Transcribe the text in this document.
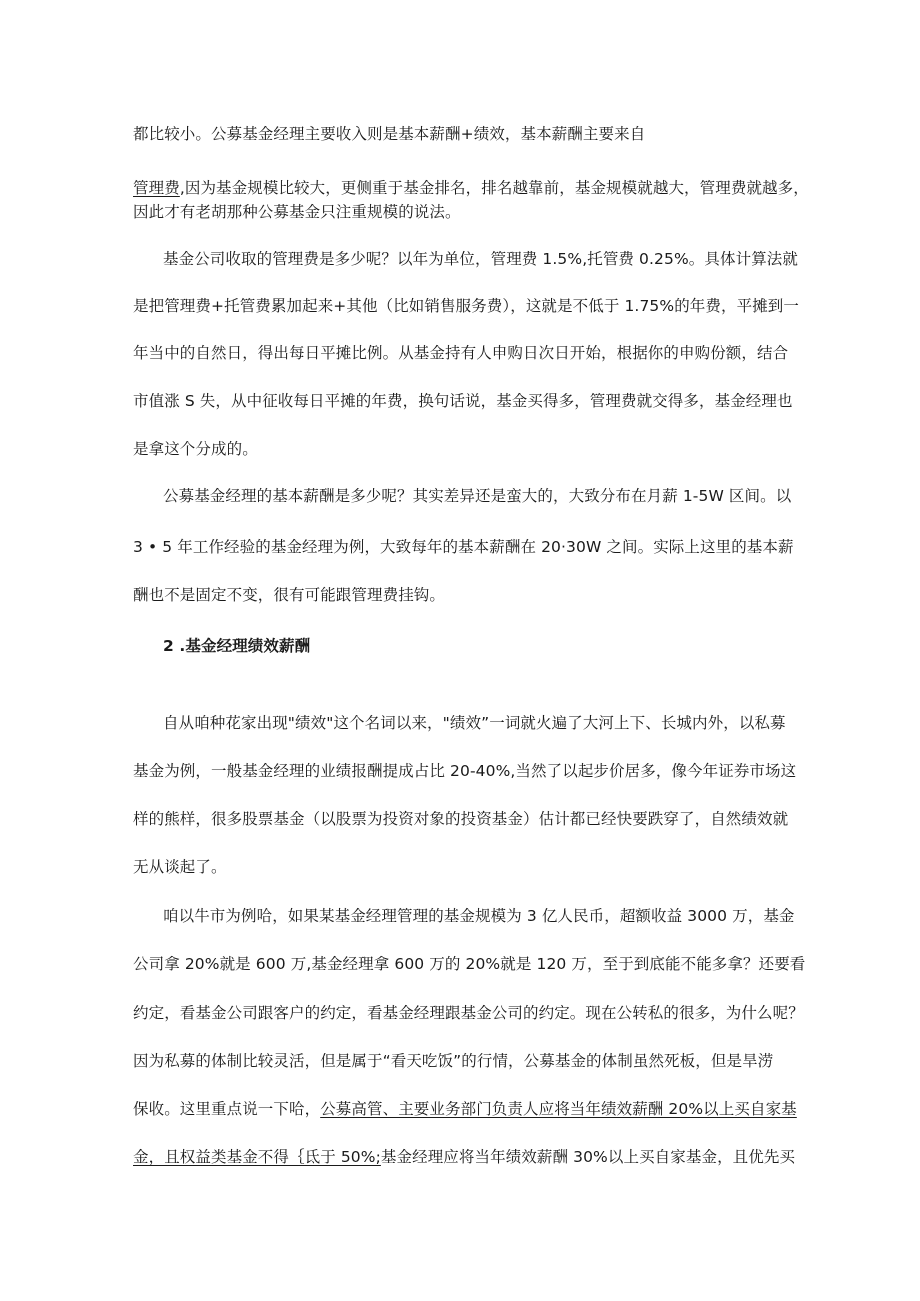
都比较小。公募基金经理主要收入则是基本薪酬+绩效，基本薪酬主要来自
管理费,因为基金规模比较大，更侧重于基金排名，排名越靠前，基金规模就越大，管理费就越多，
因此才有老胡那种公募基金只注重规模的说法。
基金公司收取的管理费是多少呢？以年为单位，管理费 1.5%,托管费 0.25%。具体计算法就
是把管理费+托管费累加起来+其他（比如销售服务费），这就是不低于 1.75%的年费，平摊到一
年当中的自然日，得出每日平摊比例。从基金持有人申购日次日开始，根据你的申购份额，结合
市值涨 S 失，从中征收每日平摊的年费，换句话说，基金买得多，管理费就交得多，基金经理也
是拿这个分成的。
公募基金经理的基本薪酬是多少呢？其实差异还是蛮大的，大致分布在月薪 1-5W 区间。以
3 • 5 年工作经验的基金经理为例，大致每年的基本薪酬在 20·30W 之间。实际上这里的基本薪
酬也不是固定不变，很有可能跟管理费挂钩。
2 .基金经理绩效薪酬
自从咱种花家出现"绩效"这个名词以来，"绩效”一词就火遍了大河上下、长城内外，以私募
基金为例，一般基金经理的业绩报酬提成占比 20-40%,当然了以起步价居多，像今年证券市场这
样的熊样，很多股票基金（以股票为投资对象的投资基金）估计都已经快要跌穿了，自然绩效就
无从谈起了。
咱以牛市为例哈，如果某基金经理管理的基金规模为 3 亿人民币，超额收益 3000 万，基金
公司拿 20%就是 600 万,基金经理拿 600 万的 20%就是 120 万，至于到底能不能多拿？还要看
约定，看基金公司跟客户的约定，看基金经理跟基金公司的约定。现在公转私的很多，为什么呢？
因为私募的体制比较灵活，但是属于“看天吃饭”的行情，公募基金的体制虽然死板，但是旱涝
保收。这里重点说一下哈，公募高管、主要业务部门负责人应将当年绩效薪酬 20%以上买自家基
金，且权益类基金不得｛氐于 50%;基金经理应将当年绩效薪酬 30%以上买自家基金，且优先买
